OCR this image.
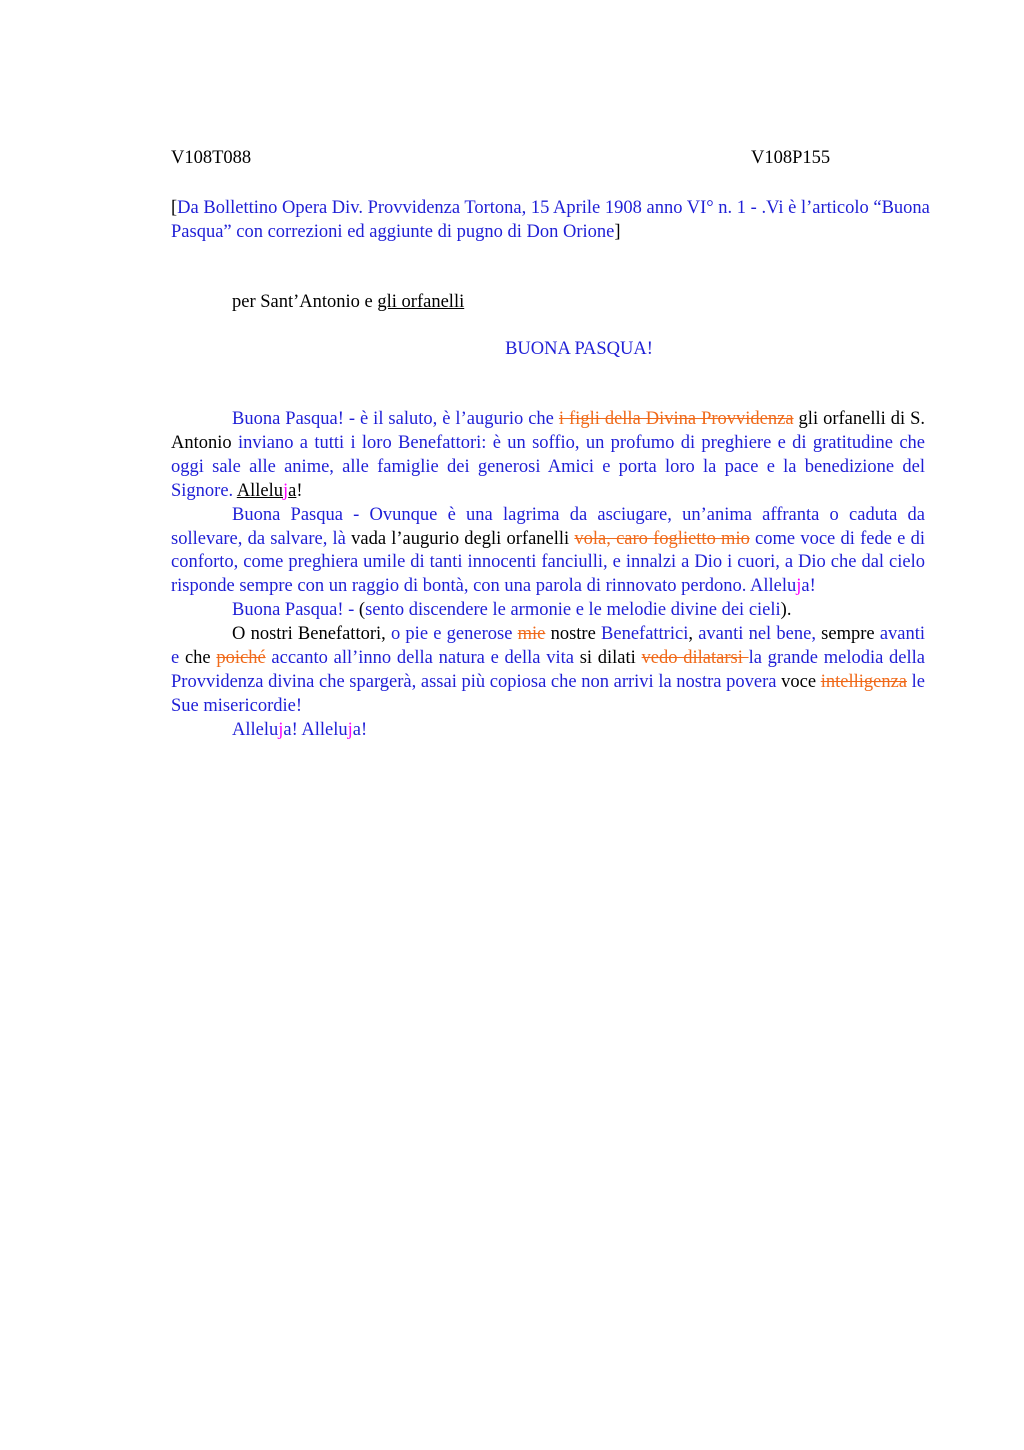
V108T088	V108P155
[Da Bollettino Opera Div. Provvidenza Tortona, 15 Aprile 1908 anno VI° n. 1 - .Vi è l’articolo “Buona Pasqua” con correzioni ed aggiunte di pugno di Don Orione]
per Sant’Antonio e gli orfanelli
BUONA PASQUA!

Buona Pasqua! - è il saluto, è l’augurio che i figli della Divina Provvidenza gli orfanelli di S. Antonio inviano a tutti i loro Benefattori: è un soffio, un profumo di preghiere e di gratitudine che oggi sale alle anime, alle famiglie dei generosi Amici e porta loro la pace e la benedizione del Signore. Alleluja!

Buona Pasqua - Ovunque è una lagrima da asciugare, un’anima affranta o caduta da sollevare, da salvare, là vada l’augurio degli orfanelli vola, caro foglietto mio come voce di fede e di conforto, come preghiera umile di tanti innocenti fanciulli, e innalzi a Dio i cuori, a Dio che dal cielo risponde sempre con un raggio di bontà, con una parola di rinnovato perdono. Alleluja!

Buona Pasqua! - (sento discendere le armonie e le melodie divine dei cieli).

O nostri Benefattori, o pie e generose mie nostre Benefattrici, avanti nel bene, sempre avanti e che poiché accanto all’inno della natura e della vita si dilati vedo dilatarsi la grande melodia della Provvidenza divina che spargerà, assai più copiosa che non arrivi la nostra povera voce intelligenza le Sue misericordie!

Alleluja! Alleluja!
